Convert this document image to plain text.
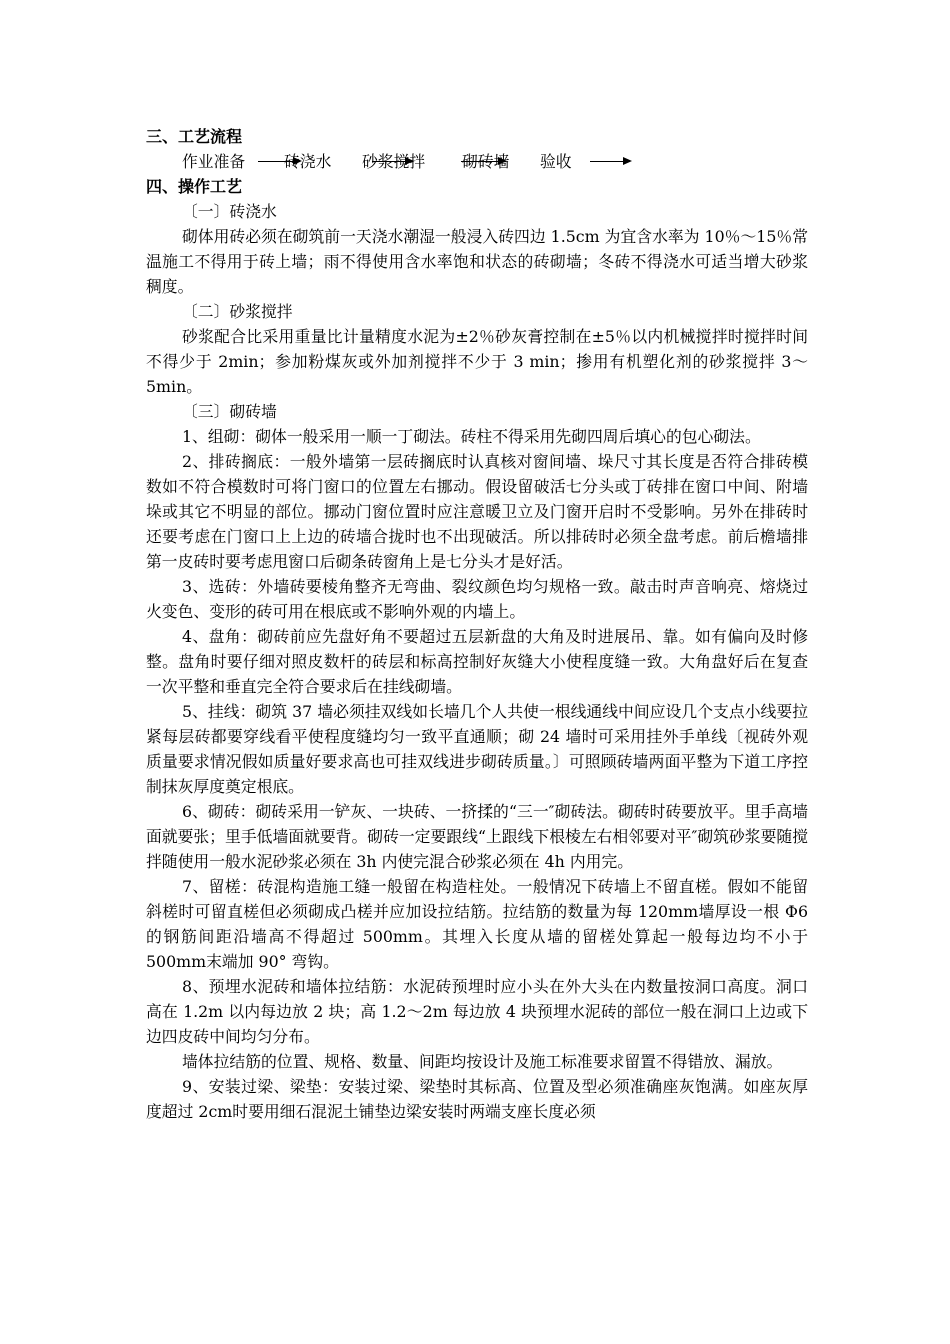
三、工艺流程
作业准备 砖浇水 砂浆搅拌 砌砖墙 验收
四、操作工艺
〔一〕砖浇水

砌体用砖必须在砌筑前一天浇水潮湿一般浸入砖四边 1.5cm 为宜含水率为 10％～15％常温施工不得用于砖上墙；雨不得使用含水率饱和状态的砖砌墙；冬砖不得浇水可适当增大砂浆稠度。

〔二〕砂浆搅拌

砂浆配合比采用重量比计量精度水泥为±2％砂灰膏控制在±5％以内机械搅拌时搅拌时间不得少于 2min；参加粉煤灰或外加剂搅拌不少于 3 min；掺用有机塑化剂的砂浆搅拌 3～5min。

〔三〕砌砖墙

1、组砌：砌体一般采用一顺一丁砌法。砖柱不得采用先砌四周后填心的包心砌法。

2、排砖搁底：一般外墙第一层砖搁底时认真核对窗间墙、垛尺寸其长度是否符合排砖模数如不符合模数时可将门窗口的位置左右挪动。假设留破活七分头或丁砖排在窗口中间、附墙垛或其它不明显的部位。挪动门窗位置时应注意暖卫立及门窗开启时不受影响。另外在排砖时还要考虑在门窗口上上边的砖墙合拢时也不出现破活。所以排砖时必须全盘考虑。前后檐墙排第一皮砖时要考虑甩窗口后砌条砖窗角上是七分头才是好活。

3、选砖：外墙砖要棱角整齐无弯曲、裂纹颜色均匀规格一致。敲击时声音响亮、熔烧过火变色、变形的砖可用在根底或不影响外观的内墙上。

4、盘角：砌砖前应先盘好角不要超过五层新盘的大角及时进展吊、靠。如有偏向及时修整。盘角时要仔细对照皮数杆的砖层和标高控制好灰缝大小使程度缝一致。大角盘好后在复查一次平整和垂直完全符合要求后在挂线砌墙。

5、挂线：砌筑 37 墙必须挂双线如长墙几个人共使一根线通线中间应设几个支点小线要拉紧每层砖都要穿线看平使程度缝均匀一致平直通顺；砌 24 墙时可采用挂外手单线〔视砖外观质量要求情况假如质量好要求高也可挂双线进步砌砖质量。〕可照顾砖墙两面平整为下道工序控制抹灰厚度奠定根底。

6、砌砖：砌砖采用一铲灰、一块砖、一挤揉的“三一″砌砖法。砌砖时砖要放平。里手高墙面就要张；里手低墙面就要背。砌砖一定要跟线“上跟线下根棱左右相邻要对平″砌筑砂浆要随搅拌随使用一般水泥砂浆必须在 3h 内使完混合砂浆必须在 4h 内用完。

7、留槎：砖混构造施工缝一般留在构造柱处。一般情况下砖墙上不留直槎。假如不能留斜槎时可留直槎但必须砌成凸槎并应加设拉结筋。拉结筋的数量为每 120mm墙厚设一根 Φ6 的钢筋间距沿墙高不得超过 500mm。其埋入长度从墙的留槎处算起一般每边均不小于 500mm末端加 90° 弯钩。

8、预埋水泥砖和墙体拉结筋：水泥砖预埋时应小头在外大头在内数量按洞口高度。洞口高在 1.2m 以内每边放 2 块；高 1.2～2m 每边放 4 块预埋水泥砖的部位一般在洞口上边或下边四皮砖中间均匀分布。

墙体拉结筋的位置、规格、数量、间距均按设计及施工标准要求留置不得错放、漏放。

9、安装过梁、梁垫：安装过梁、梁垫时其标高、位置及型必须准确座灰饱满。如座灰厚度超过 2cm时要用细石混泥土铺垫边梁安装时两端支座长度必须
